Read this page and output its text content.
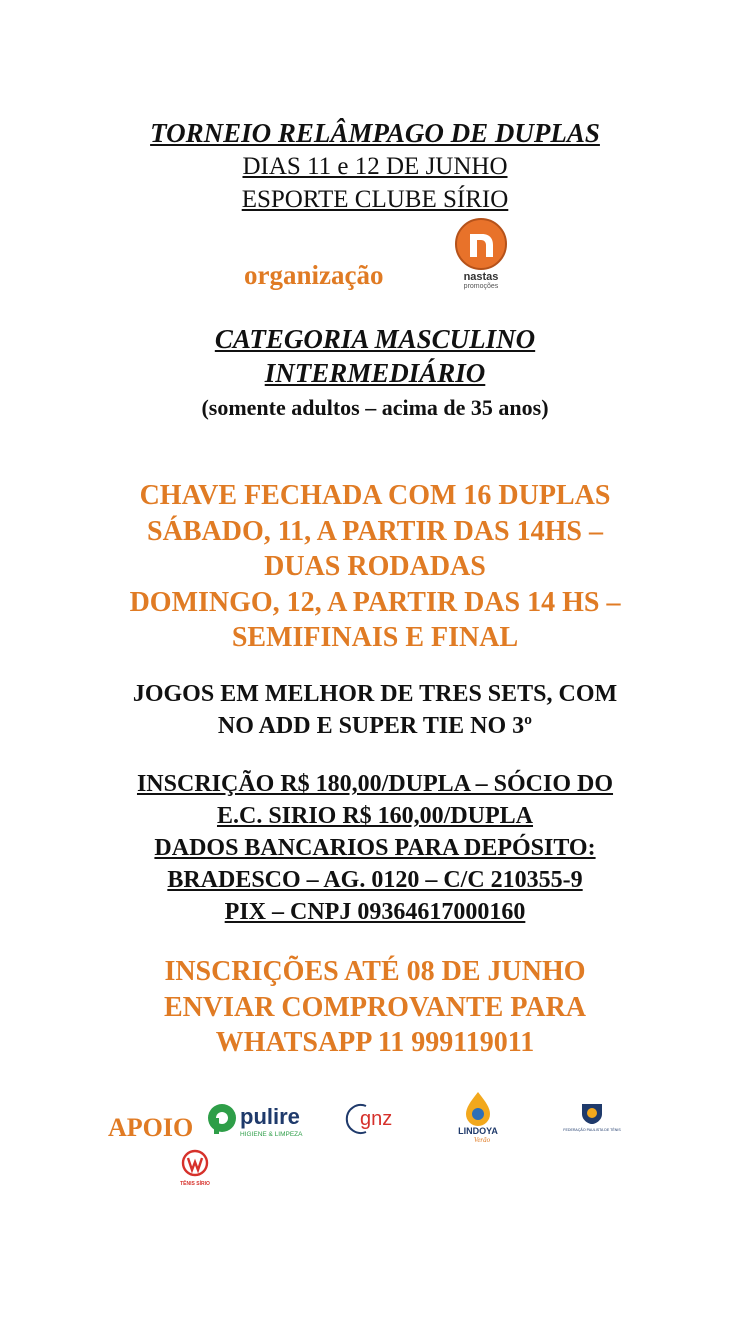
TORNEIO RELÂMPAGO DE DUPLAS
DIAS 11 e 12 DE JUNHO
ESPORTE CLUBE SÍRIO
organização	nastas
promoções
CATEGORIA MASCULINO
INTERMEDIÁRIO
(somente adultos – acima de 35 anos)
CHAVE FECHADA COM 16 DUPLAS
SÁBADO, 11, A PARTIR DAS 14HS –
DUAS RODADAS
DOMINGO, 12, A PARTIR DAS 14 HS –
SEMIFINAIS E FINAL
JOGOS EM MELHOR DE TRES SETS, COM
NO ADD E SUPER TIE NO 3º
INSCRIÇÃO R$ 180,00/DUPLA – SÓCIO DO
E.C. SIRIO R$ 160,00/DUPLA
DADOS BANCARIOS PARA DEPÓSITO:
BRADESCO – AG. 0120 – C/C 210355-9
PIX – CNPJ 09364617000160
INSCRIÇÕES ATÉ 08 DE JUNHO
ENVIAR COMPROVANTE PARA
WHATSAPP 11 999119011
APOIO pulire
HIGIENE & LIMPEZA
gnz
LINDOYA
Verão
FEDERAÇÃO PAULISTA DE TÊNIS
TÊNIS SÍRIO
